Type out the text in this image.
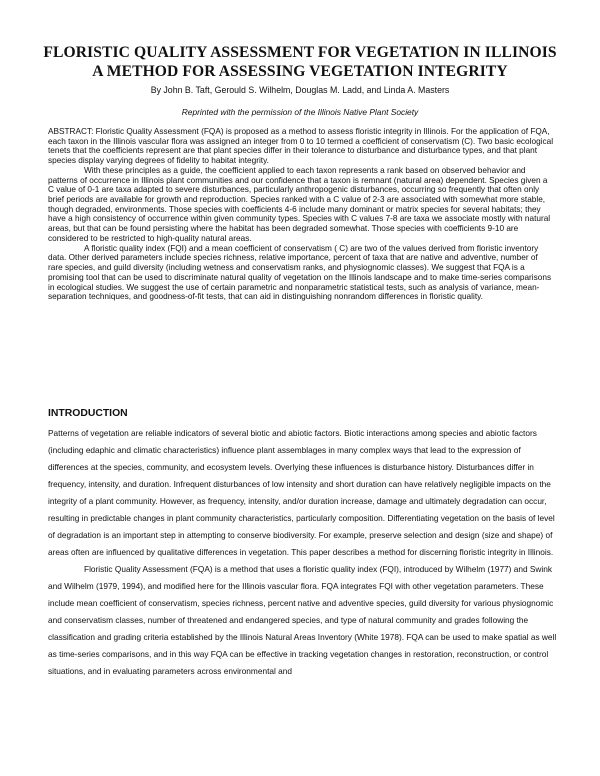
FLORISTIC QUALITY ASSESSMENT FOR VEGETATION IN ILLINOIS
A METHOD FOR ASSESSING VEGETATION INTEGRITY

By John B. Taft, Gerould S. Wilhelm, Douglas M. Ladd, and Linda A. Masters

Reprinted with the permission of the Illinois Native Plant Society

ABSTRACT: Floristic Quality Assessment (FQA) is proposed as a method to assess floristic integrity in Illinois. For the application of FQA, each taxon in the Illinois vascular flora was assigned an integer from 0 to 10 termed a coefficient of conservatism (C). Two basic ecological tenets that the coefficients represent are that plant species differ in their tolerance to disturbance and disturbance types, and that plant species display varying degrees of fidelity to habitat integrity.

With these principles as a guide, the coefficient applied to each taxon represents a rank based on observed behavior and patterns of occurrence in Illinois plant communities and our confidence that a taxon is remnant (natural area) dependent. Species given a C value of 0-1 are taxa adapted to severe disturbances, particularly anthropogenic disturbances, occurring so frequently that often only brief periods are available for growth and reproduction. Species ranked with a C value of 2-3 are associated with somewhat more stable, though degraded, environments. Those species with coefficients 4-6 include many dominant or matrix species for several habitats; they have a high consistency of occurrence within given community types. Species with C values 7-8 are taxa we associate mostly with natural areas, but that can be found persisting where the habitat has been degraded somewhat. Those species with coefficients 9-10 are considered to be restricted to high-quality natural areas.

A floristic quality index (FQI) and a mean coefficient of conservatism ( C) are two of the values derived from floristic inventory data. Other derived parameters include species richness, relative importance, percent of taxa that are native and adventive, number of rare species, and guild diversity (including wetness and conservatism ranks, and physiognomic classes). We suggest that FQA is a promising tool that can be used to discriminate natural quality of vegetation on the Illinois landscape and to make time-series comparisons in ecological studies. We suggest the use of certain parametric and nonparametric statistical tests, such as analysis of variance, mean-separation techniques, and goodness-of-fit tests, that can aid in distinguishing nonrandom differences in floristic quality.

INTRODUCTION

Patterns of vegetation are reliable indicators of several biotic and abiotic factors. Biotic interactions among species and abiotic factors (including edaphic and climatic characteristics) influence plant assemblages in many complex ways that lead to the expression of differences at the species, community, and ecosystem levels. Overlying these influences is disturbance history. Disturbances differ in frequency, intensity, and duration. Infrequent disturbances of low intensity and short duration can have relatively negligible impacts on the integrity of a plant community. However, as frequency, intensity, and/or duration increase, damage and ultimately degradation can occur, resulting in predictable changes in plant community characteristics, particularly composition. Differentiating vegetation on the basis of level of degradation is an important step in attempting to conserve biodiversity. For example, preserve selection and design (size and shape) of areas often are influenced by qualitative differences in vegetation. This paper describes a method for discerning floristic integrity in Illinois.

Floristic Quality Assessment (FQA) is a method that uses a floristic quality index (FQI), introduced by Wilhelm (1977) and Swink and Wilhelm (1979, 1994), and modified here for the Illinois vascular flora. FQA integrates FQI with other vegetation parameters. These include mean coefficient of conservatism, species richness, percent native and adventive species, guild diversity for various physiognomic and conservatism classes, number of threatened and endangered species, and type of natural community and grades following the classification and grading criteria established by the Illinois Natural Areas Inventory (White 1978). FQA can be used to make spatial as well as time-series comparisons, and in this way FQA can be effective in tracking vegetation changes in restoration, reconstruction, or control situations, and in evaluating parameters across environmental and
